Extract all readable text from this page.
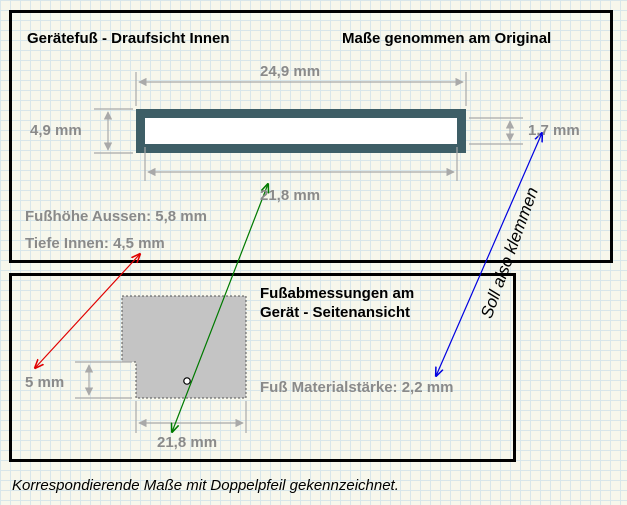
Gerätefuß - Draufsicht Innen	Maße genommen am Original
24,9 mm
4,9 mm	1,7 mm
21,8 mm
Fußhöhe Aussen: 5,8 mm
Tiefe Innen: 4,5 mm
Fußabmessungen am
Gerät - Seitenansicht
5 mm	Fuß Materialstärke: 2,2 mm
21,8 mm
Soll also klemmen
Korrespondierende Maße mit Doppelpfeil gekennzeichnet.
